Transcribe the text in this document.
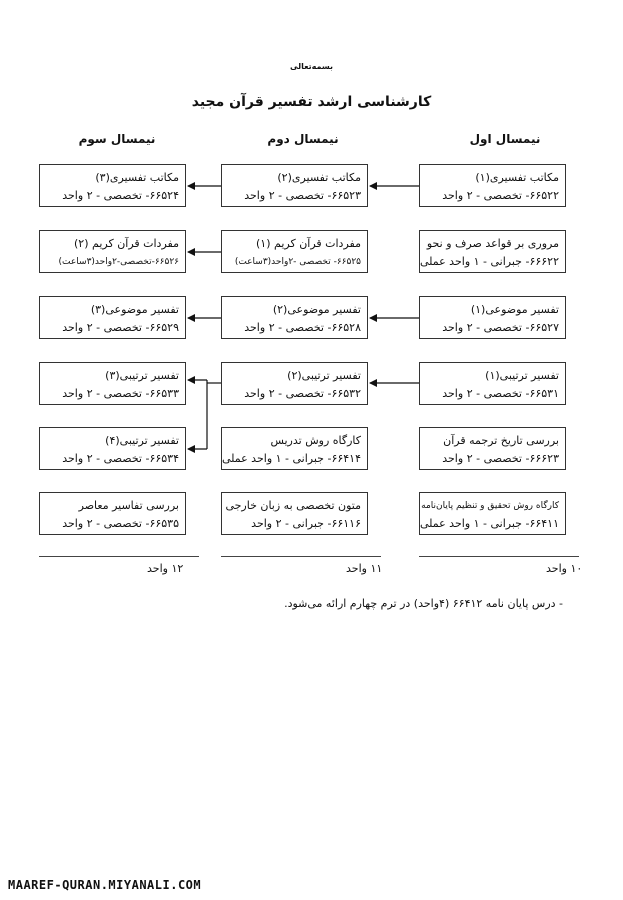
بسمه‌تعالی
کارشناسی ارشد تفسیر قرآن مجید
نیمسال اول
نیمسال دوم
نیمسال سوم
مکاتب تفسیری(۱)
۶۶۵۲۲- تخصصی - ۲ واحد
مروری بر قواعد صرف و نحو
۶۶۶۲۲- جبرانی - ۱ واحد عملی
تفسیر موضوعی(۱)
۶۶۵۲۷- تخصصی - ۲ واحد
تفسیر ترتیبی(۱)
۶۶۵۳۱- تخصصی - ۲ واحد
بررسی تاریخ ترجمه قرآن
۶۶۶۲۳- تخصصی - ۲ واحد
کارگاه روش تحقیق و تنظیم پایان‌نامه
۶۶۴۱۱- جبرانی - ۱ واحد عملی
مکاتب تفسیری(۲)
۶۶۵۲۳- تخصصی - ۲ واحد
مفردات قرآن کریم (۱)
۶۶۵۲۵- تخصصی -۲واحد(۳ساعت)
تفسیر موضوعی(۲)
۶۶۵۲۸- تخصصی - ۲ واحد
تفسیر ترتیبی(۲)
۶۶۵۳۲- تخصصی - ۲ واحد
کارگاه روش تدریس
۶۶۴۱۴- جبرانی - ۱ واحد عملی
متون تخصصی به زبان خارجی
۶۶۱۱۶- جبرانی - ۲ واحد
مکاتب تفسیری(۳)
۶۶۵۲۴- تخصصی - ۲ واحد
مفردات قرآن کریم (۲)
۶۶۵۲۶-تخصصی-۲واحد(۳ساعت)
تفسیر موضوعی(۳)
۶۶۵۲۹- تخصصی - ۲ واحد
تفسیر ترتیبی(۳)
۶۶۵۳۳- تخصصی - ۲ واحد
تفسیر ترتیبی(۴)
۶۶۵۳۴- تخصصی - ۲ واحد
بررسی تفاسیر معاصر
۶۶۵۳۵- تخصصی - ۲ واحد
۱۰ واحد
۱۱ واحد
۱۲ واحد
- درس پایان نامه ۶۶۴۱۲ (۴واحد) در ترم چهارم ارائه می‌شود.
MAAREF-QURAN.MIYANALI.COM
